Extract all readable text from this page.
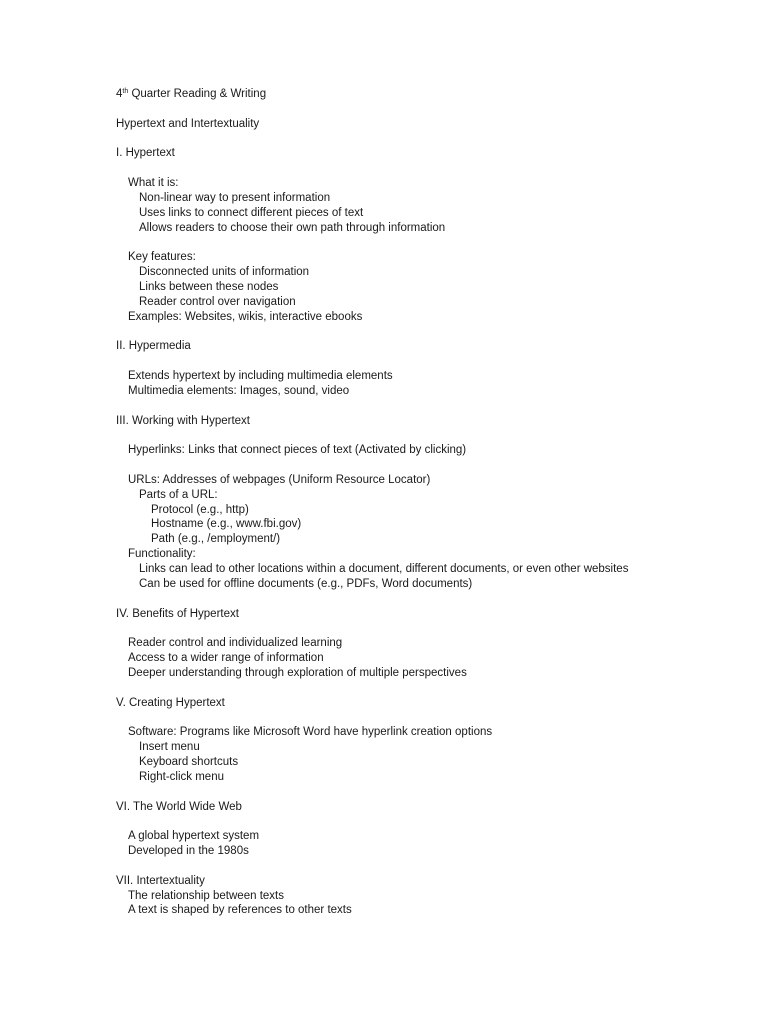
4th Quarter Reading & Writing
Hypertext and Intertextuality
I. Hypertext
What it is:
Non-linear way to present information
Uses links to connect different pieces of text
Allows readers to choose their own path through information
Key features:
Disconnected units of information
Links between these nodes
Reader control over navigation
Examples: Websites, wikis, interactive ebooks
II. Hypermedia
Extends hypertext by including multimedia elements
Multimedia elements: Images, sound, video
III. Working with Hypertext
Hyperlinks: Links that connect pieces of text (Activated by clicking)
URLs: Addresses of webpages (Uniform Resource Locator)
Parts of a URL:
Protocol (e.g., http)
Hostname (e.g., www.fbi.gov)
Path (e.g., /employment/)
Functionality:
Links can lead to other locations within a document, different documents, or even other websites
Can be used for offline documents (e.g., PDFs, Word documents)
IV. Benefits of Hypertext
Reader control and individualized learning
Access to a wider range of information
Deeper understanding through exploration of multiple perspectives
V. Creating Hypertext
Software: Programs like Microsoft Word have hyperlink creation options
Insert menu
Keyboard shortcuts
Right-click menu
VI. The World Wide Web
A global hypertext system
Developed in the 1980s
VII. Intertextuality
The relationship between texts
A text is shaped by references to other texts
